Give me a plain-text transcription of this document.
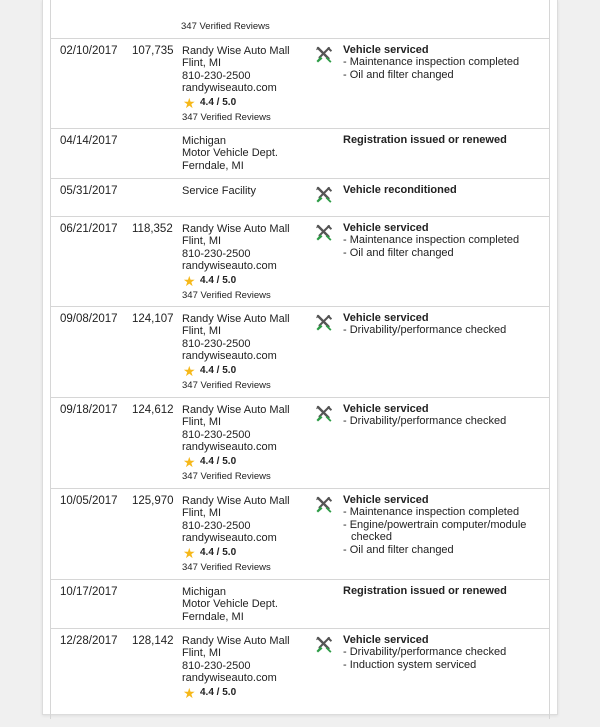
347 Verified Reviews
02/10/2017 107,735 Randy Wise Auto Mall
Flint, MI
810-230-2500
randywiseauto.com
★ 4.4 / 5.0
347 Verified Reviews
Vehicle serviced
- Maintenance inspection completed
- Oil and filter changed
04/14/2017	Michigan
Motor Vehicle Dept.
Ferndale, MI
Registration issued or renewed
05/31/2017	Service Facility	Vehicle reconditioned
06/21/2017 118,352 Randy Wise Auto Mall
Flint, MI
810-230-2500
randywiseauto.com
★ 4.4 / 5.0
347 Verified Reviews
Vehicle serviced
- Maintenance inspection completed
- Oil and filter changed
09/08/2017 124,107 Randy Wise Auto Mall
Flint, MI
810-230-2500
randywiseauto.com
★ 4.4 / 5.0
347 Verified Reviews
Vehicle serviced
- Drivability/performance checked
09/18/2017 124,612 Randy Wise Auto Mall
Flint, MI
810-230-2500
randywiseauto.com
★ 4.4 / 5.0
347 Verified Reviews
Vehicle serviced
- Drivability/performance checked
10/05/2017 125,970 Randy Wise Auto Mall
Flint, MI
810-230-2500
randywiseauto.com
★ 4.4 / 5.0
347 Verified Reviews
Vehicle serviced
- Maintenance inspection completed
- Engine/powertrain computer/module checked
- Oil and filter changed
10/17/2017	Michigan
Motor Vehicle Dept.
Ferndale, MI
Registration issued or renewed
12/28/2017 128,142 Randy Wise Auto Mall
Flint, MI
810-230-2500
randywiseauto.com
★ 4.4 / 5.0
Vehicle serviced
- Drivability/performance checked
- Induction system serviced
